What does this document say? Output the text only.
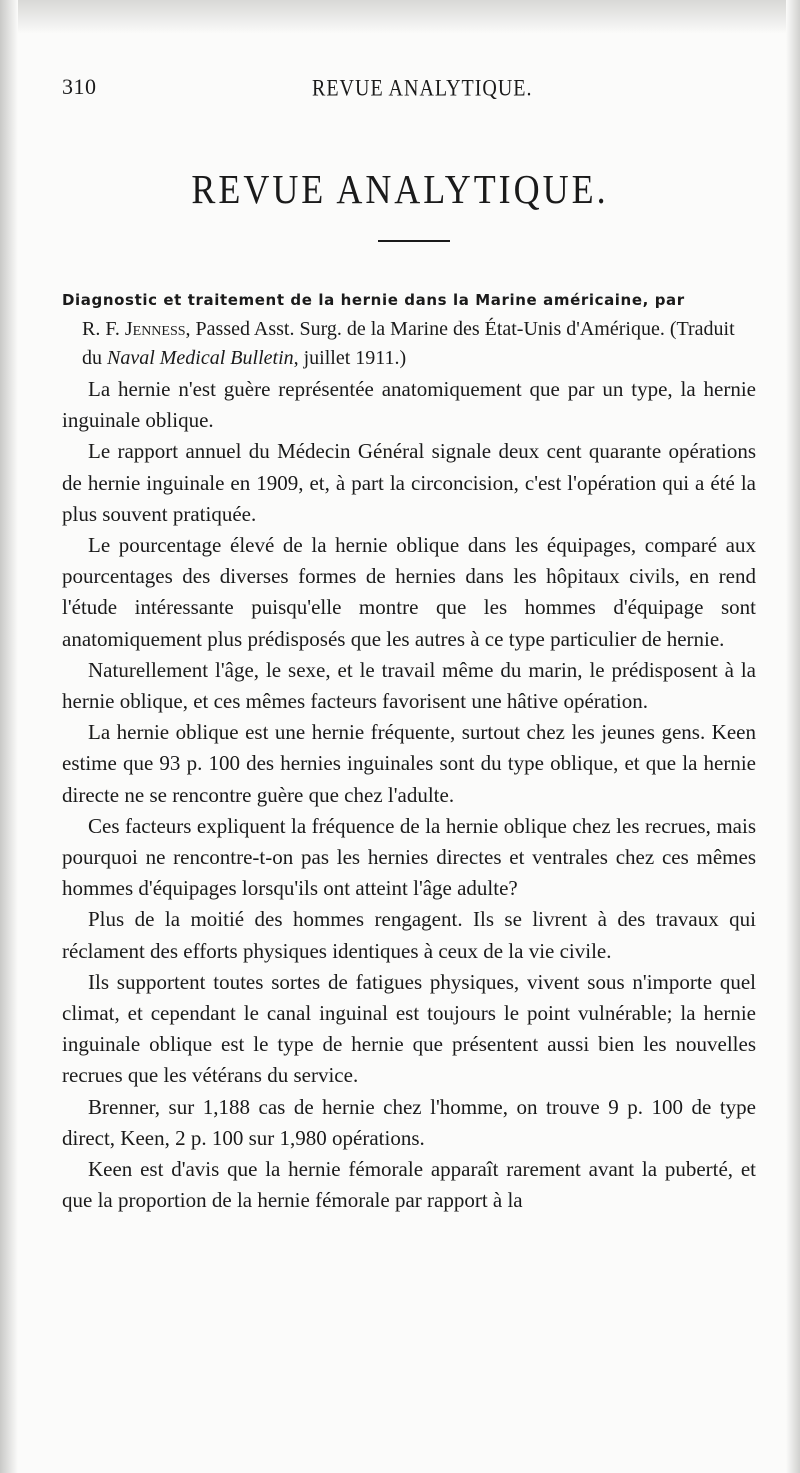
310	REVUE ANALYTIQUE.
REVUE ANALYTIQUE.
Diagnostic et traitement de la hernie dans la Marine américaine, par
R. F. Jenness, Passed Asst. Surg. de la Marine des État-Unis d'Amérique. (Traduit du Naval Medical Bulletin, juillet 1911.)

La hernie n'est guère représentée anatomiquement que par un type, la hernie inguinale oblique.

Le rapport annuel du Médecin Général signale deux cent quarante opérations de hernie inguinale en 1909, et, à part la circoncision, c'est l'opération qui a été la plus souvent pratiquée.

Le pourcentage élevé de la hernie oblique dans les équipages, comparé aux pourcentages des diverses formes de hernies dans les hôpitaux civils, en rend l'étude intéressante puisqu'elle montre que les hommes d'équipage sont anatomiquement plus prédisposés que les autres à ce type particulier de hernie.

Naturellement l'âge, le sexe, et le travail même du marin, le prédisposent à la hernie oblique, et ces mêmes facteurs favorisent une hâtive opération.

La hernie oblique est une hernie fréquente, surtout chez les jeunes gens. Keen estime que 93 p. 100 des hernies inguinales sont du type oblique, et que la hernie directe ne se rencontre guère que chez l'adulte.

Ces facteurs expliquent la fréquence de la hernie oblique chez les recrues, mais pourquoi ne rencontre-t-on pas les hernies directes et ventrales chez ces mêmes hommes d'équipages lorsqu'ils ont atteint l'âge adulte?

Plus de la moitié des hommes rengagent. Ils se livrent à des travaux qui réclament des efforts physiques identiques à ceux de la vie civile.

Ils supportent toutes sortes de fatigues physiques, vivent sous n'importe quel climat, et cependant le canal inguinal est toujours le point vulnérable; la hernie inguinale oblique est le type de hernie que présentent aussi bien les nouvelles recrues que les vétérans du service.

Brenner, sur 1,188 cas de hernie chez l'homme, on trouve 9 p. 100 de type direct, Keen, 2 p. 100 sur 1,980 opérations.

Keen est d'avis que la hernie fémorale apparaît rarement avant la puberté, et que la proportion de la hernie fémorale par rapport à la
